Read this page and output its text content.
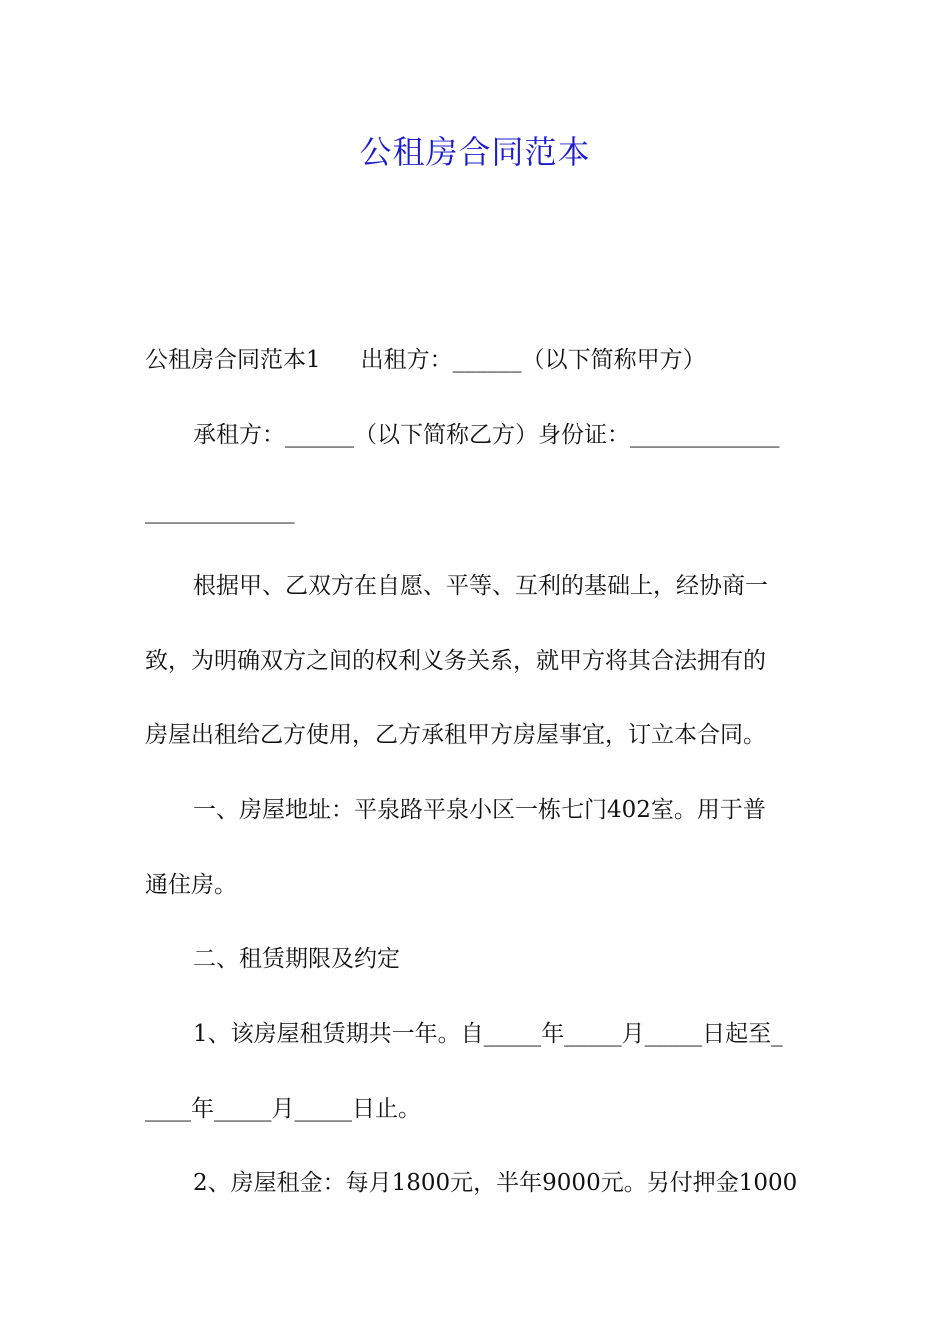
公租房合同范本

公租房合同范本1 出租方：______（以下简称甲方）

承租方：______（以下简称乙方）身份证：_____________

_____________

根据甲、乙双方在自愿、平等、互利的基础上，经协商一

致，为明确双方之间的权利义务关系，就甲方将其合法拥有的

房屋出租给乙方使用，乙方承租甲方房屋事宜，订立本合同。

一、房屋地址：平泉路平泉小区一栋七门402室。用于普

通住房。

二、租赁期限及约定

1、该房屋租赁期共一年。自_____年_____月_____日起至_

____年_____月_____日止。

2、房屋租金：每月1800元，半年9000元。另付押金1000
